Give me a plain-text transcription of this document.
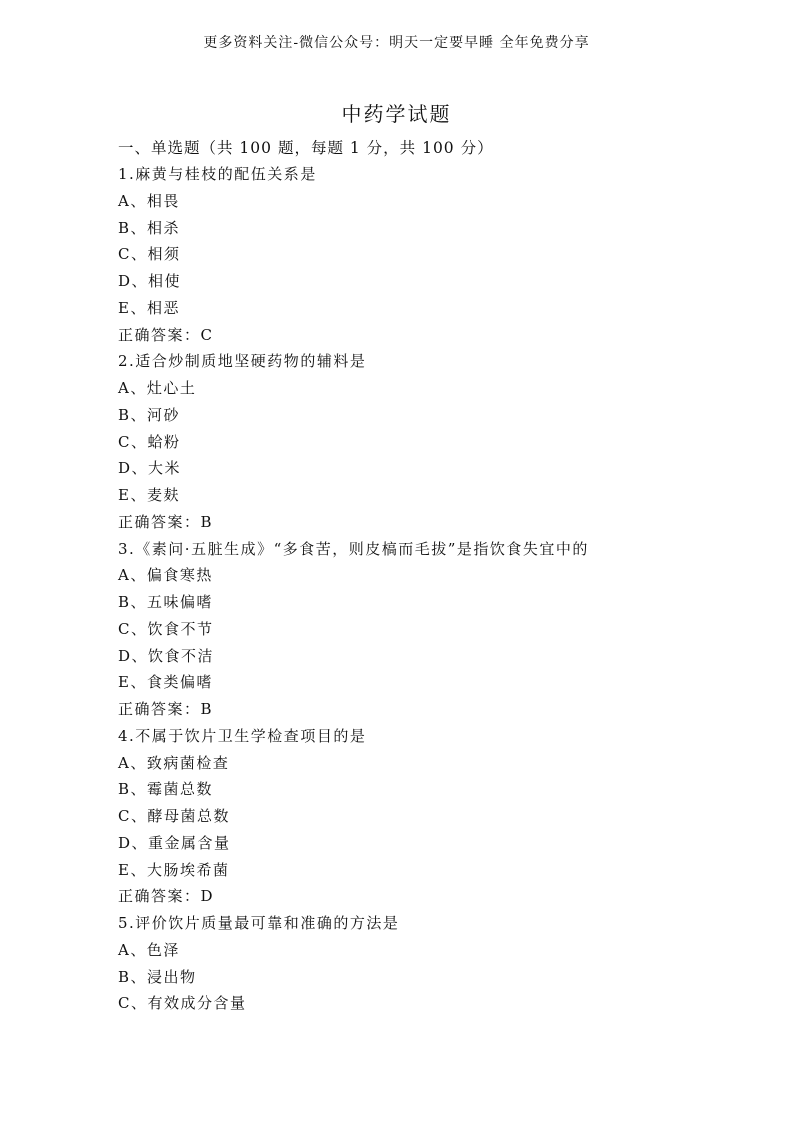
更多资料关注-微信公众号：明天一定要早睡 全年免费分享
中药学试题
一、单选题（共 100 题，每题 1 分，共 100 分）
1.麻黄与桂枝的配伍关系是
A、相畏
B、相杀
C、相须
D、相使
E、相恶
正确答案：C
2.适合炒制质地坚硬药物的辅料是
A、灶心土
B、河砂
C、蛤粉
D、大米
E、麦麸
正确答案：B
3.《素问·五脏生成》“多食苦，则皮槁而毛拔”是指饮食失宜中的
A、偏食寒热
B、五味偏嗜
C、饮食不节
D、饮食不洁
E、食类偏嗜
正确答案：B
4.不属于饮片卫生学检查项目的是
A、致病菌检查
B、霉菌总数
C、酵母菌总数
D、重金属含量
E、大肠埃希菌
正确答案：D
5.评价饮片质量最可靠和准确的方法是
A、色泽
B、浸出物
C、有效成分含量
